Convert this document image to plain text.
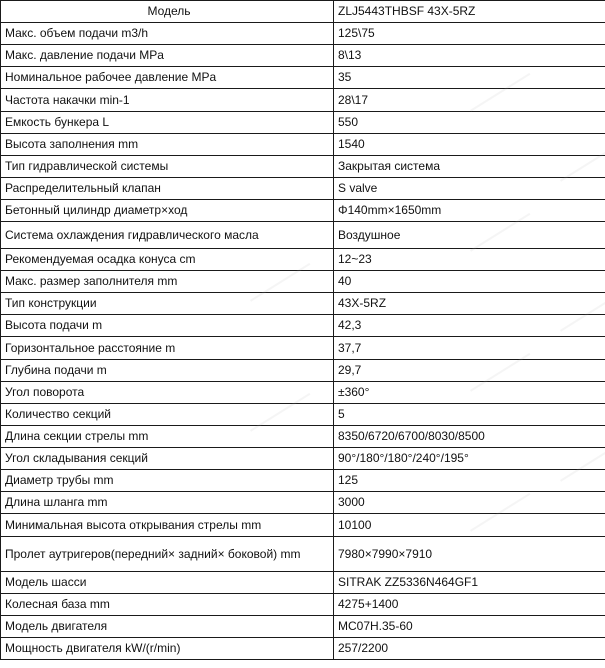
Модель	ZLJ5443THBSF 43X-5RZ
Макс. объем подачи m3/h	125\75
Макс. давление подачи MPa	8\13
Номинальное рабочее давление MPa	35
Частота накачки min-1	28\17
Емкость бункера L	550
Высота заполнения mm	1540
Тип гидравлической системы	Закрытая система
Распределительный клапан	S valve
Бетонный цилиндр диаметр×ход	Φ140mm×1650mm
Система охлаждения гидравлического масла	Воздушное
Рекомендуемая осадка конуса cm	12~23
Макс. размер заполнителя mm	40
Тип конструкции	43X-5RZ
Высота подачи m	42,3
Горизонтальное расстояние m	37,7
Глубина подачи m	29,7
Угол поворота	±360°
Количество секций	5
Длина секции стрелы mm	8350/6720/6700/8030/8500
Угол складывания секций	90°/180°/180°/240°/195°
Диаметр трубы mm	125
Длина шланга mm	3000
Минимальная высота открывания стрелы mm	10100
Пролет аутригеров(передний× задний× боковой) mm	7980×7990×7910
Модель шасси	SITRAK ZZ5336N464GF1
Колесная база mm	4275+1400
Модель двигателя	MC07H.35-60
Мощность двигателя kW/(r/min)	257/2200
